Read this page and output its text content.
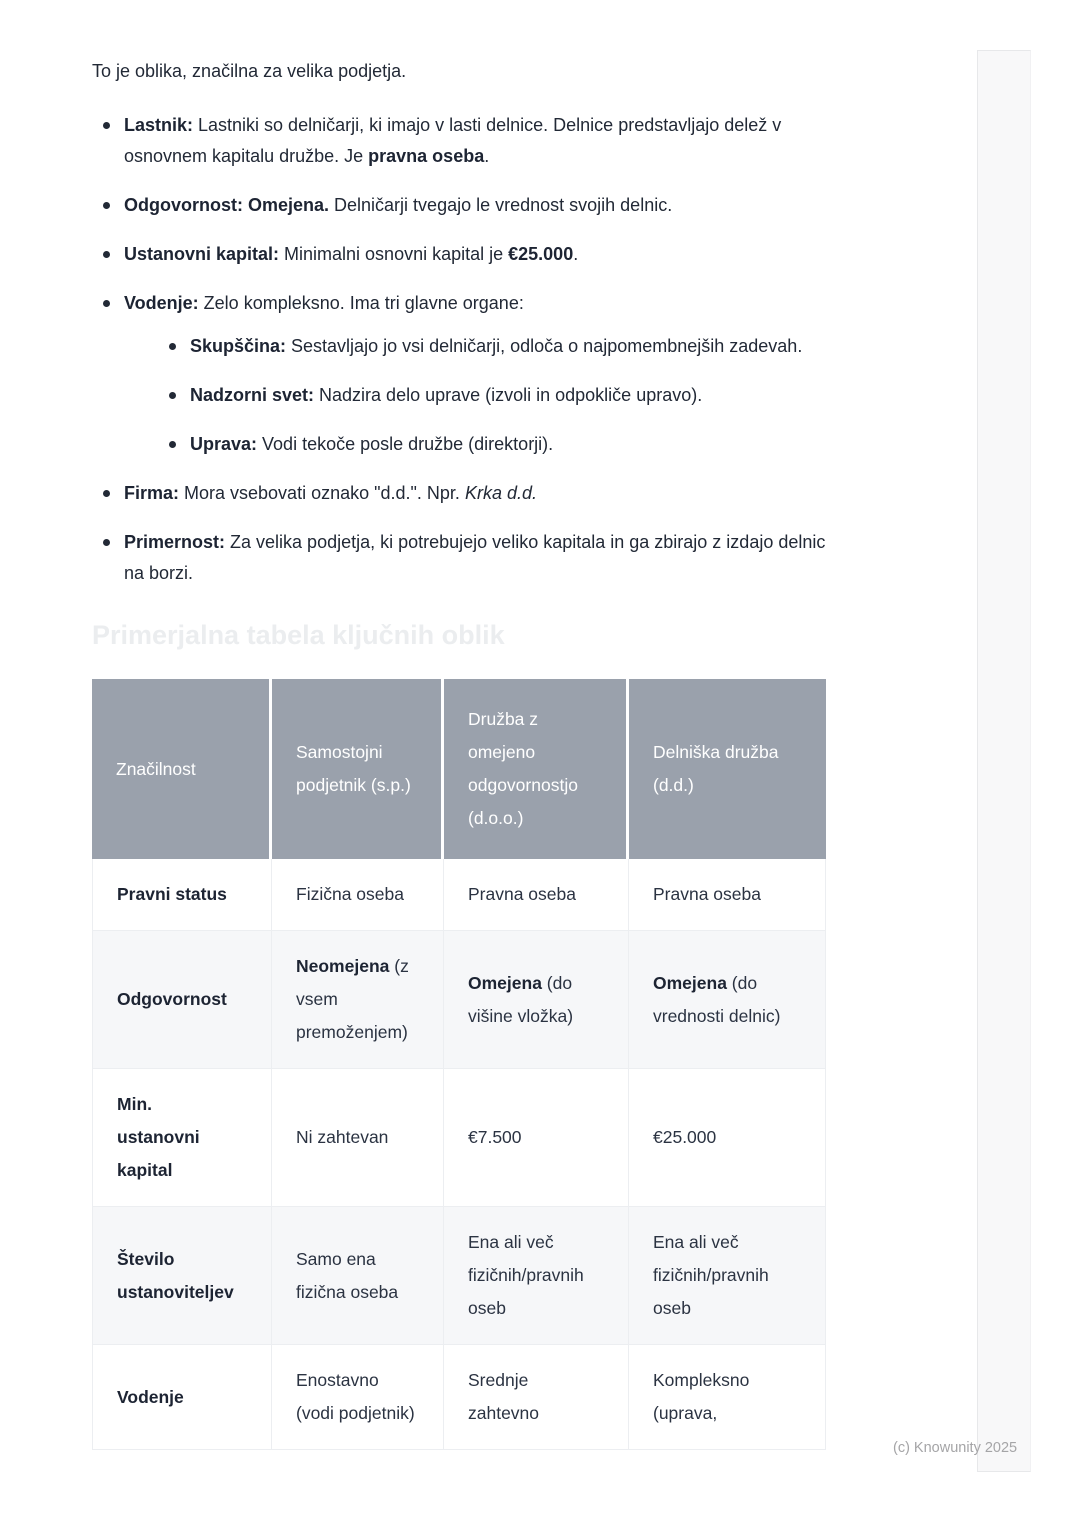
To je oblika, značilna za velika podjetja.

Lastnik: Lastniki so delničarji, ki imajo v lasti delnice. Delnice predstavljajo delež v osnovnem kapitalu družbe. Je pravna oseba.
Odgovornost: Omejena. Delničarji tvegajo le vrednost svojih delnic.
Ustanovni kapital: Minimalni osnovni kapital je €25.000.
Vodenje: Zelo kompleksno. Ima tri glavne organe:
Skupščina: Sestavljajo jo vsi delničarji, odloča o najpomembnejših zadevah.
Nadzorni svet: Nadzira delo uprave (izvoli in odpokliče upravo).
Uprava: Vodi tekoče posle družbe (direktorji).
Firma: Mora vsebovati oznako "d.d.". Npr. Krka d.d.
Primernost: Za velika podjetja, ki potrebujejo veliko kapitala in ga zbirajo z izdajo delnic na borzi.
Primerjalna tabela ključnih oblik
Značilnost	Samostojni podjetnik (s.p.)	Družba z omejeno odgovornostjo (d.o.o.)	Delniška družba (d.d.)
Pravni status	Fizična oseba	Pravna oseba	Pravna oseba
Odgovornost	Neomejena (z vsem premoženjem)	Omejena (do višine vložka)	Omejena (do vrednosti delnic)
Min. ustanovni kapital	Ni zahtevan	€7.500	€25.000
Število ustanoviteljev	Samo ena fizična oseba	Ena ali več fizičnih/pravnih oseb	Ena ali več fizičnih/pravnih oseb
Vodenje	Enostavno (vodi podjetnik)	Srednje zahtevno	Kompleksno (uprava,
(c) Knowunity 2025
